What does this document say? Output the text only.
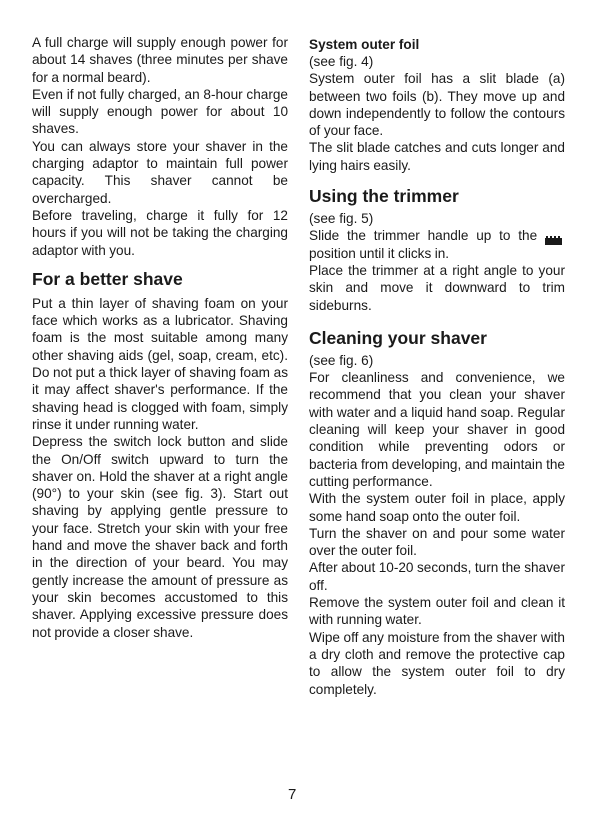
A full charge will supply enough power for about 14 shaves (three minutes per shave for a normal beard).

Even if not fully charged, an 8-hour charge will supply enough power for about 10 shaves.

You can always store your shaver in the charging adaptor to maintain full power capacity. This shaver cannot be overcharged.

Before traveling, charge it fully for 12 hours if you will not be taking the charging adaptor with you.

For a better shave

Put a thin layer of shaving foam on your face which works as a lubricator. Shaving foam is the most suitable among many other shaving aids (gel, soap, cream, etc). Do not put a thick layer of shaving foam as it may affect shaver's performance. If the shaving head is clogged with foam, simply rinse it under running water.

Depress the switch lock button and slide the On/Off switch upward to turn the shaver on. Hold the shaver at a right angle (90°) to your skin (see fig. 3). Start out shaving by applying gentle pressure to your face. Stretch your skin with your free hand and move the shaver back and forth in the direction of your beard. You may gently increase the amount of pressure as your skin becomes accustomed to this shaver. Applying excessive pressure does not provide a closer shave.

System outer foil

(see fig. 4)

System outer foil has a slit blade (a) between two foils (b). They move up and down independently to follow the contours of your face.

The slit blade catches and cuts longer and lying hairs easily.

Using the trimmer

(see fig. 5)

Slide the trimmer handle up to the position until it clicks in.

Place the trimmer at a right angle to your skin and move it downward to trim sideburns.

Cleaning your shaver

(see fig. 6)

For cleanliness and convenience, we recommend that you clean your shaver with water and a liquid hand soap. Regular cleaning will keep your shaver in good condition while preventing odors or bacteria from developing, and maintain the cutting performance.

With the system outer foil in place, apply some hand soap onto the outer foil.

Turn the shaver on and pour some water over the outer foil.

After about 10-20 seconds, turn the shaver off.

Remove the system outer foil and clean it with running water.

Wipe off any moisture from the shaver with a dry cloth and remove the protective cap to allow the system outer foil to dry completely.

7
